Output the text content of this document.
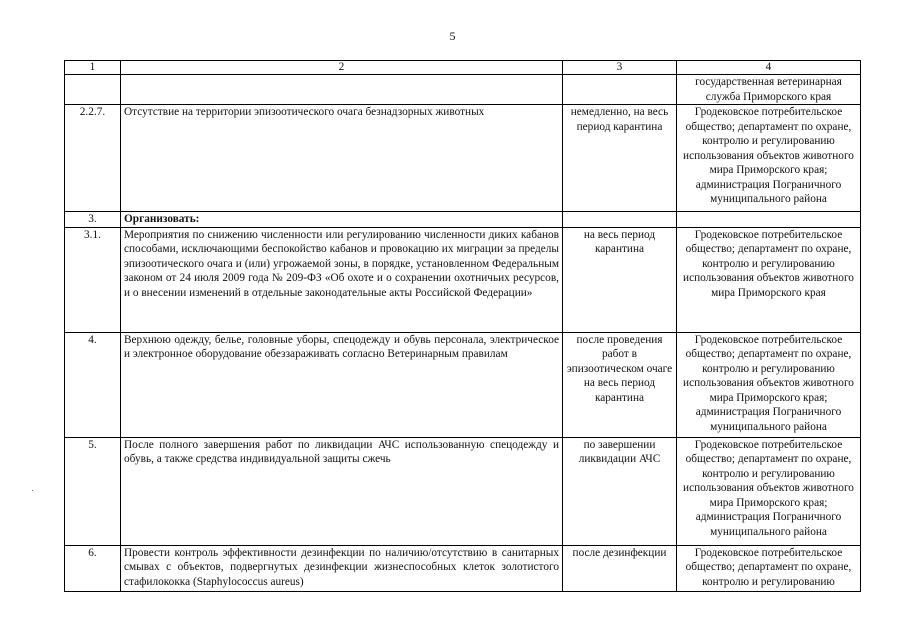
5
1	2	3	4
			государственная ветеринарная служба Приморского края
2.2.7.	Отсутствие на территории эпизоотического очага безнадзорных животных	немедленно, на весь период карантина	Гродековское потребительское общество; департамент по охране, контролю и регулированию использования объектов животного мира Приморского края; администрация Пограничного муниципального района
3.	Организовать:		
3.1.	Мероприятия по снижению численности или регулированию численности диких кабанов способами, исключающими беспокойство кабанов и провокацию их миграции за пределы эпизоотического очага и (или) угрожаемой зоны, в порядке, установленном Федеральным законом от 24 июля 2009 года № 209-ФЗ «Об охоте и о сохранении охотничьих ресурсов, и о внесении изменений в отдельные законодательные акты Российской Федерации»	на весь период карантина	Гродековское потребительское общество; департамент по охране, контролю и регулированию использования объектов животного мира Приморского края
4.	Верхнюю одежду, белье, головные уборы, спецодежду и обувь персонала, электрическое и электронное оборудование обеззараживать согласно Ветеринарным правилам	после проведения работ в эпизоотическом очаге на весь период карантина	Гродековское потребительское общество; департамент по охране, контролю и регулированию использования объектов животного мира Приморского края; администрация Пограничного муниципального района
5.	После полного завершения работ по ликвидации АЧС использованную спецодежду и обувь, а также средства индивидуальной защиты сжечь	по завершении ликвидации АЧС	Гродековское потребительское общество; департамент по охране, контролю и регулированию использования объектов животного мира Приморского края; администрация Пограничного муниципального района
6.	Провести контроль эффективности дезинфекции по наличию/отсутствию в санитарных смывах с объектов, подвергнутых дезинфекции жизнеспособных клеток золотистого стафилококка (Staphylococcus aureus)	после дезинфекции	Гродековское потребительское общество; департамент по охране, контролю и регулированию
